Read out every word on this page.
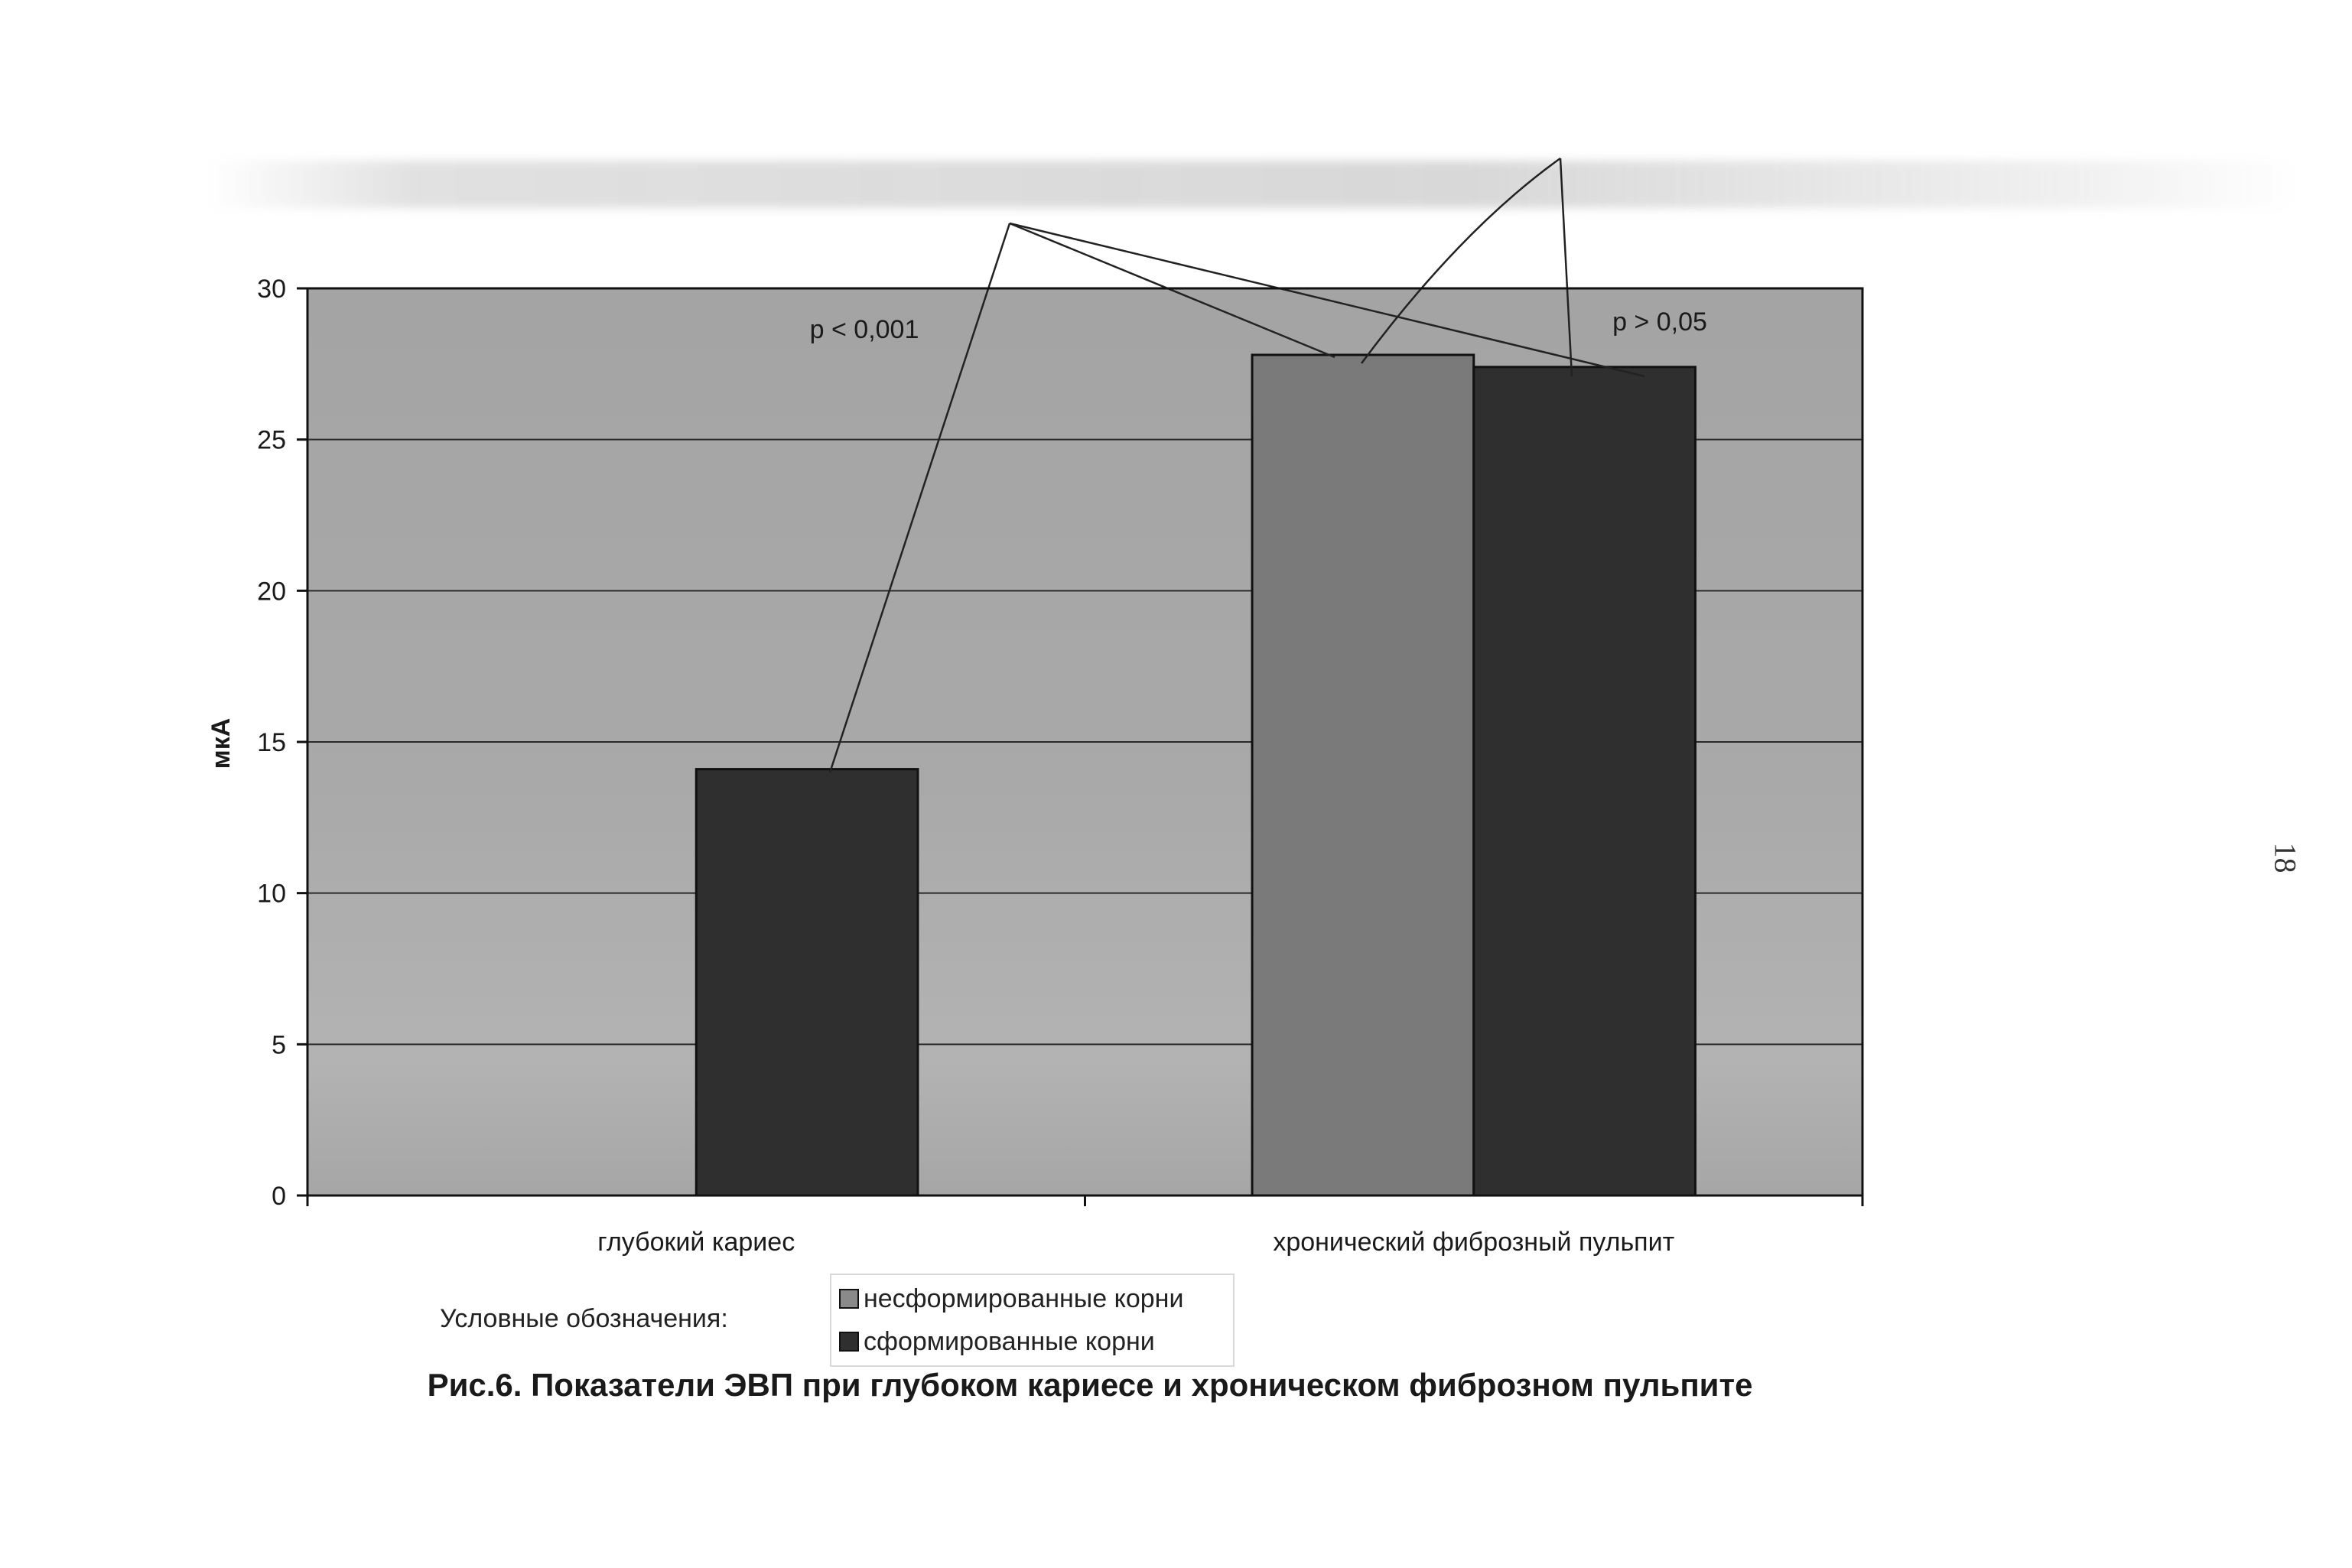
0
5
10
15
20
25
30
глубокий кариес	хронический фиброзный пульпит
р < 0,001	р > 0,05
мкА
Условные обозначения:
несформированные корни
сформированные корни
Рис.6. Показатели ЭВП при глубоком кариесе и хроническом фиброзном пульпите
18
